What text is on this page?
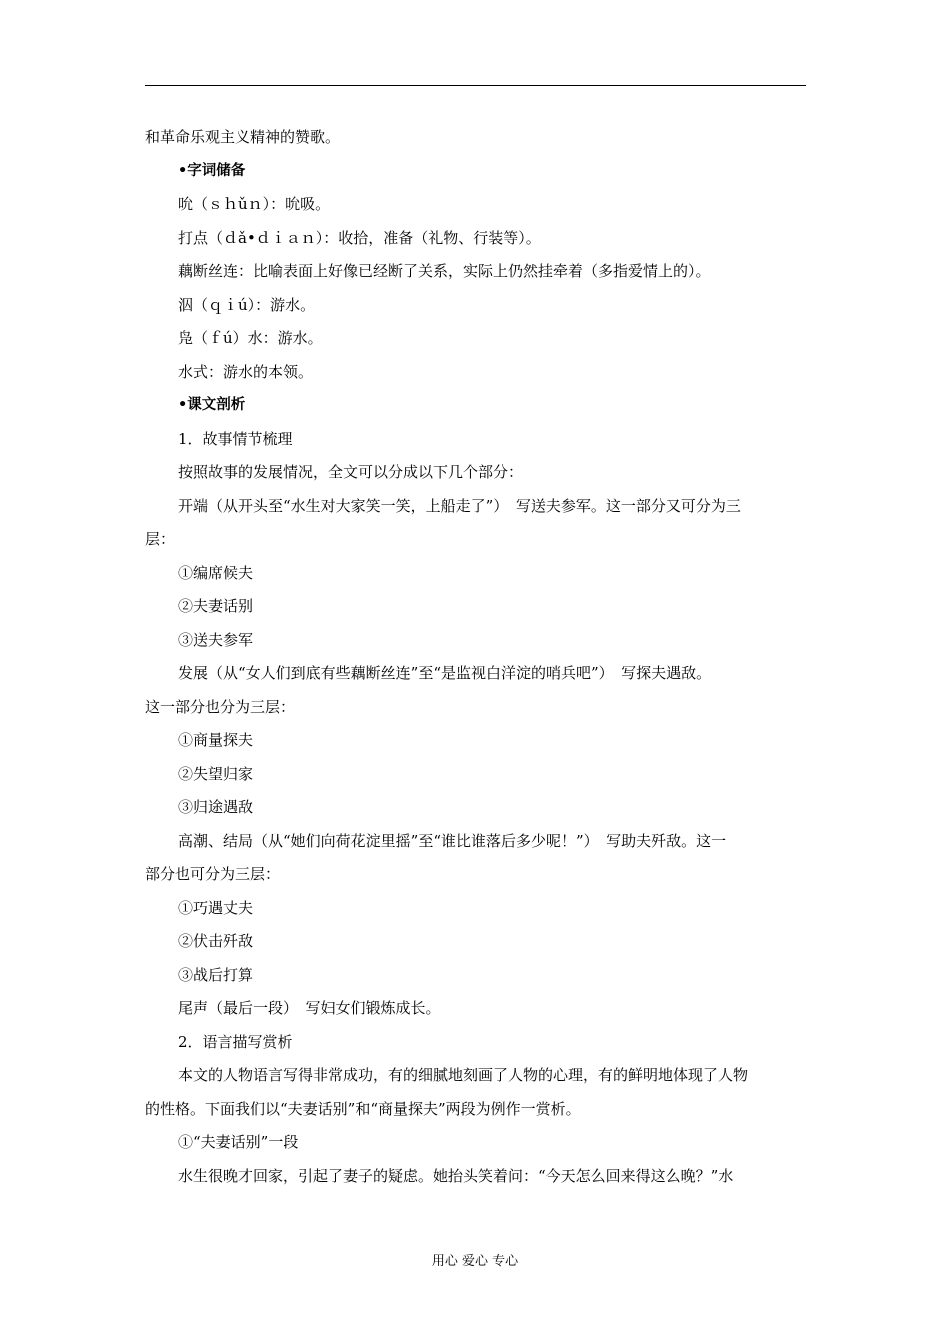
和革命乐观主义精神的赞歌。
•字词储备
吮（ｓｈǔｎ）：吮吸。
打点（ｄǎ•ｄｉａｎ）：收拾，准备（礼物、行装等）。
藕断丝连：比喻表面上好像已经断了关系，实际上仍然挂牵着（多指爱情上的）。
泅（ｑｉú）：游水。
凫（ｆú）水：游水。
水式：游水的本领。
•课文剖析
1．故事情节梳理
按照故事的发展情况，全文可以分成以下几个部分：
开端（从开头至“水生对大家笑一笑，上船走了”）　写送夫参军。这一部分又可分为三
层：
①编席候夫
②夫妻话别
③送夫参军
发展（从“女人们到底有些藕断丝连”至“是监视白洋淀的哨兵吧”）　写探夫遇敌。
这一部分也分为三层：
①商量探夫
②失望归家
③归途遇敌
高潮、结局（从“她们向荷花淀里摇”至“谁比谁落后多少呢！”）　写助夫歼敌。这一
部分也可分为三层：
①巧遇丈夫
②伏击歼敌
③战后打算
尾声（最后一段）　写妇女们锻炼成长。
2．语言描写赏析
本文的人物语言写得非常成功，有的细腻地刻画了人物的心理，有的鲜明地体现了人物
的性格。下面我们以“夫妻话别”和“商量探夫”两段为例作一赏析。
①“夫妻话别”一段
水生很晚才回家，引起了妻子的疑虑。她抬头笑着问：“今天怎么回来得这么晚？”水
用心 爱心 专心
